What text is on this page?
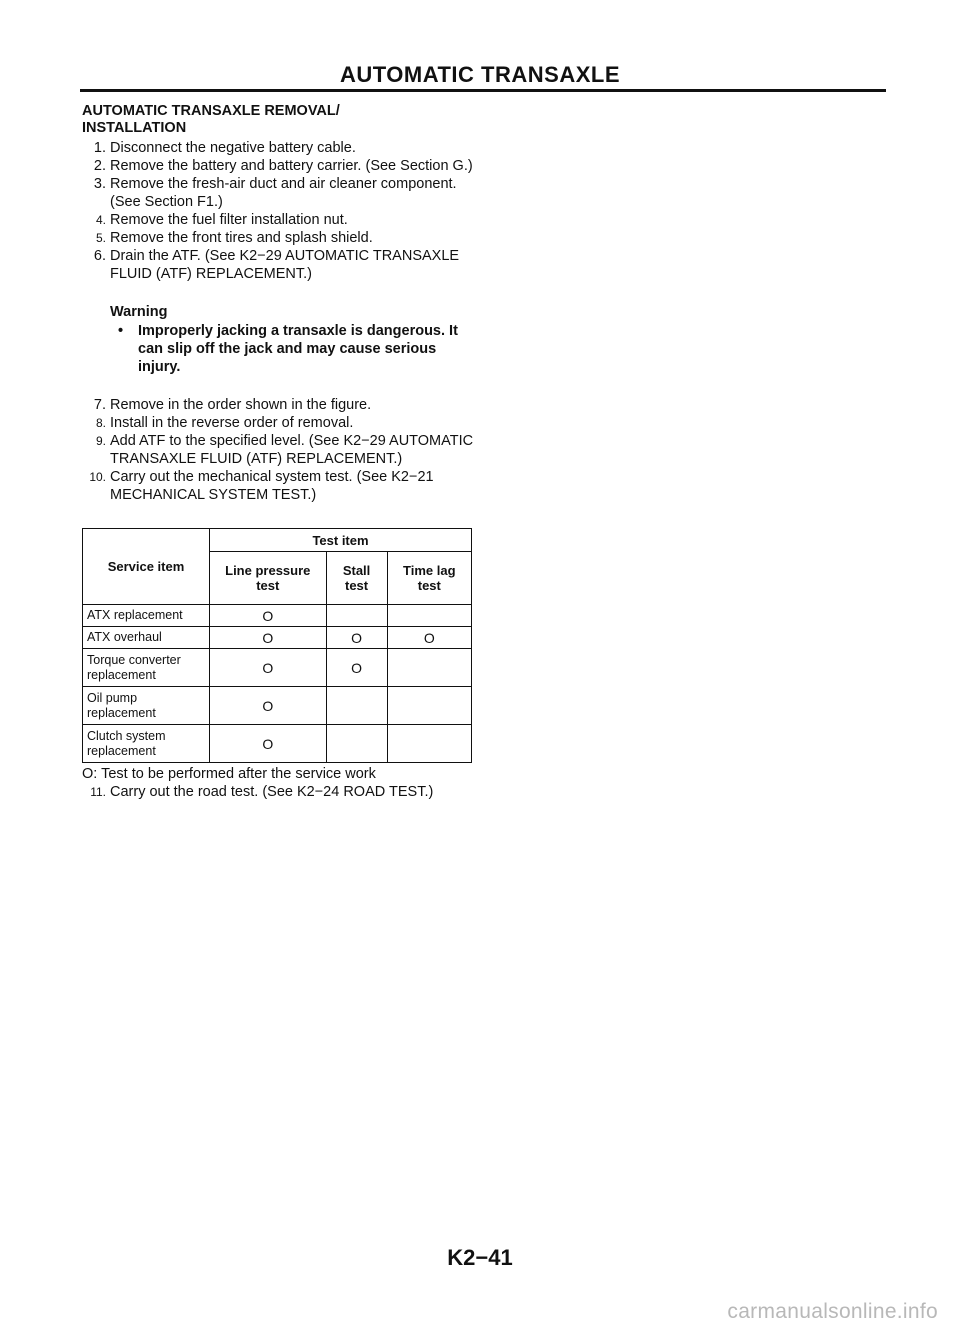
AUTOMATIC TRANSAXLE
AUTOMATIC TRANSAXLE REMOVAL/
INSTALLATION
1. Disconnect the negative battery cable.
2. Remove the battery and battery carrier. (See Section G.)
3. Remove the fresh-air duct and air cleaner component. (See Section F1.)
4. Remove the fuel filter installation nut.
5. Remove the front tires and splash shield.
6. Drain the ATF. (See K2−29 AUTOMATIC TRANSAXLE FLUID (ATF) REPLACEMENT.)
Warning
• Improperly jacking a transaxle is dangerous. It can slip off the jack and may cause serious injury.
7. Remove in the order shown in the figure.
8. Install in the reverse order of removal.
9. Add ATF to the specified level. (See K2−29 AUTOMATIC TRANSAXLE FLUID (ATF) REPLACEMENT.)
10. Carry out the mechanical system test. (See K2−21 MECHANICAL SYSTEM TEST.)
Service item	Test item		
	Line pressure test	Stall test	Time lag test
ATX replacement	O		
ATX overhaul	O	O	O
Torque converter replacement	O	O	
Oil pump replacement	O		
Clutch system replacement	O		
O: Test to be performed after the service work
11. Carry out the road test. (See K2−24 ROAD TEST.)
K2−41
carmanualsonline.info
